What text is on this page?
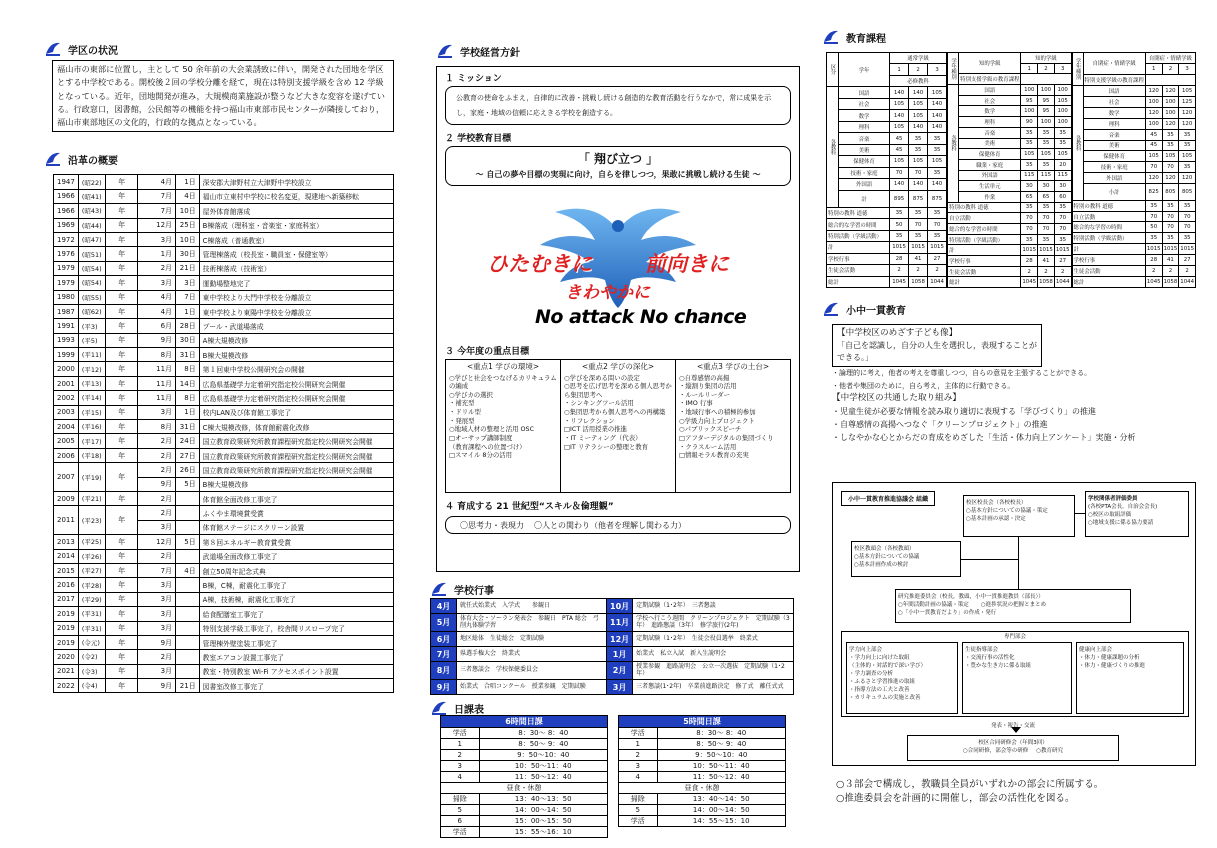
学区の状況
福山市の東部に位置し，主として 50 余年前の大会業誘致に伴い，開発された団地を学区とする中学校である。開校後２回の学校分離を経て，現在は特別支援学級を含め 12 学級となっている。近年，団地開発が進み，大規模商業施設が整うなど大きな変容を遂げている。行政窓口，図書館，公民館等の機能を持つ福山市東部市民センターが隣接しており，福山市東部地区の文化的，行政的な拠点となっている。
沿革の概要
1947	(昭22)	年	4月	1日	深安郡大津野村立大津野中学校設立
1966	(昭41)	年	7月	4日	福山市立東村中学校に校名変更，現建地へ新築移転
1966	(昭43)	年	7月	10日	屋外体育館落成
1969	(昭44)	年	12月	25日	B棟落成（理科室・音楽室・家庭科室）
1972	(昭47)	年	3月	10日	C棟落成（普通教室）
1976	(昭51)	年	1月	30日	管理棟落成（校長室・職員室・保健室等）
1979	(昭54)	年	2月	21日	技術棟落成（技術室）
1979	(昭54)	年	3月	3日	運動場整地完了
1980	(昭55)	年	4月	7日	東中学校より大門中学校を分離設立
1987	(昭62)	年	4月	1日	東中学校より東陽中学校を分離設立
1991	(平3)	年	6月	28日	プール・武道場落成
1993	(平5)	年	9月	30日	A棟大規模改修
1999	(平11)	年	8月	31日	B棟大規模改修
2000	(平12)	年	11月	8日	第１回東中学校公開研究会の開催
2001	(平13)	年	11月	14日	広島県基礎学力定着研究指定校公開研究会開催
2002	(平14)	年	11月	8日	広島県基礎学力定着研究指定校公開研究会開催
2003	(平15)	年	3月	1日	校内LAN及び体育館工事完了
2004	(平16)	年	8月	31日	C棟大規模改修，体育館耐震化改修
2005	(平17)	年	2月	24日	国立教育政策研究所教育課程研究指定校公開研究会開催
2006	(平18)	年	2月	27日	国立教育政策研究所教育課程研究指定校公開研究会開催
2007	(平19)	年	2月	26日	国立教育政策研究所教育課程研究指定校公開研究会開催
			9月	5日	B棟大規模改修
2009	(平21)	年	2月		体育館全面改修工事完了
2011	(平23)	年	2月		ふくやま環境賞受賞
			3月		体育館ステージにスクリーン設置
2013	(平25)	年	12月	5日	第８回エネルギー教育賞受賞
2014	(平26)	年	2月		武道場全面改修工事完了
2015	(平27)	年	7月	4日	創立50周年記念式典
2016	(平28)	年	3月		B棟，C棟，耐震化工事完了
2017	(平29)	年	3月		A棟，技術棟，耐震化工事完了
2019	(平31)	年	3月		給食配膳室工事完了
2019	(平31)	年	3月		特別支援学級工事完了，校舎間リスロープ完了
2019	(令元)	年	9月		管理棟外壁塗装工事完了
2020	(令2)	年	2月		教室エアコン設置工事完了
2021	(令3)	年	3月		教室・特別教室 Wi-Fi アクセスポイント設置
2022	(令4)	年	9月	21日	図書室改修工事完了
学校経営方針
１ ミッション
公教育の使命をふまえ，自律的に改善・挑戦し続ける創造的な教育活動を行うなかで，常に成果を示し，家庭・地域の信頼に応えきる学校を創造する。
２ 学校教育目標
「 翔び立つ 」
～ 自己の夢や目標の実現に向け，自らを律しつつ，果敢に挑戦し続ける生徒 ～
ひたむきに	前向きに
きわやかに
No attack No chance
３ 今年度の重点目標
<重点1 学びの環境>
○学びと社会をつなげるカリキュラムの編成
○学びカの選択
・補充型
・ドリル型
・発展型
○地域人材の整理と活用 OSC
□オーサップ講師制度
（教育課程への位置づけ）
□スマイル 8分の活用
<重点2 学びの深化>
○学びを深める問いの設定
○思考を広げ思考を深める個人思考から集団思考へ
・シンキングツール活用
○集団思考から個人思考への再構築
・リフレクション
□ICT 活用授業の推進
・IT ミーティング（代表）
□IT リテラシーの整理と教育
<重点3 学びの土台>
○自尊感情の高揚
・縦割り集団の活用
・ルールリーダー
・IMO 行事
・地域行事への積極的参加
○学級力向上プロジェクト
○パブリックスピーチ
□アフターデジタルの集団づくり
・クラスルーム活用
□情報モラル教育の充実
４ 育成する 21 世紀型“スキル＆倫理観”
〇思考力・表現力 〇人との関わり（他者を理解し関わる力）
学校行事
4月	就任式始業式　入学式　　参観日	10月	定期試験（1･2年）　三者懇談
5月	体育大会・ソーラン発表会　参観日　PTA 総会　弓削丸体験学習	11月	学校へ行こう週間　クリーンプロジェクト　定期試験（3年）　進路懇談（3年）　修学旅行(2年)
6月	地区総体　生徒総会　定期試験	12月	定期試験（1･2年）　生徒会役員選挙　終業式
7月	県選手権大会　終業式	1月	始業式　私立入試　新入生説明会
8月	三者懇談会　学校保健委員会	2月	授業参観　進路説明会　公立一次選抜　定期試験（1･2年）
9月	始業式　合唱コンクール　授業参観　定期試験	3月	三者懇談(1･2年)　卒業前進路決定　修了式　離任式式
日課表
6時間日課
学活	8：30～ 8：40
1	8：50～ 9：40
2	9：50～10：40
3	10：50～11：40
4	11：50～12：40
昼食・休憩	
掃除	13：40～13：50
5	14：00～14：50
6	15：00～15：50
学活	15：55～16：10
5時間日課
学活	8：30～ 8：40
1	8：50～ 9：40
2	9：50～10：40
3	10：50～11：40
4	11：50～12：40
昼食・休憩	
掃除	13：40～14：50
5	14：00～14：50
学活	14：55～15：10
教育課程
区分	学年	通常学級		
		1	2	3
		必修教科		
各教科	国語	140	140	105
	社会	105	105	140
	数学	140	105	140
	理科	105	140	140
	音楽	45	35	35
	美術	45	35	35
	保健体育	105	105	105
	技術・家庭	70	70	35
	外国語	140	140	140
	計	895	875	875
特別の教科 道徳		35	35	35
総合的な学習の時間		50	70	70
特別活動（学級活動）		35	35	35
計		1015	1015	1015
学校行事		28	41	27
生徒会活動		2	2	2
総計		1045	1058	1044
学年種別	知的学級	知的学級		
		1	2	3
	特別支援学級の教育課程			
各教科	国語	100	100	100
	社会	95	95	105
	数学	100	95	100
	理科	90	100	100
	音楽	35	35	35
	美術	35	35	35
	保健体育	105	105	105
	職業・家庭	35	35	20
	外国語	115	115	115
	生活単元	30	30	30
	作業	65	65	60
特別の教科 道徳		35	35	35
自立活動		70	70	70
総合的な学習の時間		70	70	70
特別活動（学級活動）		35	35	35
計		1015	1015	1015
学校行事		28	41	27
生徒会活動		2	2	2
総計		1045	1058	1044
学年種別	自閉症・情緒学級	自閉症・情緒学級		
		1	2	3
	特別支援学級の教育課程			
各教科	国語	120	120	105
	社会	100	100	125
	数学	120	100	120
	理科	100	120	120
	音楽	45	35	35
	美術	45	35	35
	保健体育	105	105	105
	技術・家庭	70	70	35
	外国語	120	120	120
	小計	825	805	805
特別の教科 道徳		35	35	35
自立活動		70	70	70
総合的な学習の時間		50	70	70
特別活動（学級活動）		35	35	35
計		1015	1015	1015
学校行事		28	41	27
生徒会活動		2	2	2
総計		1045	1058	1044
小中一貫教育
【中学校区のめざす子ども像】
「自己を認識し，自分の人生を選択し，表現することができる。」
・論理的に考え，他者の考えを尊重しつつ，自らの意見を主張することができる。
・他者や集団のために，自ら考え，主体的に行動できる。
【中学校区の共通した取り組み】
・児童生徒が必要な情報を読み取り適切に表現する「学びづくり」の推進
・自尊感情の高揚へつなぐ「クリーンプロジェクト」の推進
・しなやかな心とからだの育成をめざした「生活・体力向上アンケート」実施・分析
小中一貫教育推進協議会 組織	校区校長会（各校校長）
○基本方針についての協議・策定
○基本計画の承認・決定
学校関係者評価委員
(各校PTA会長，自治会会長)
○校区の取組評価
○地域支援に係る協力要請
校区教頭会（各校教頭）
○基本方針についての協議
○基本計画作成の検討
研究推進委員会（校長，教頭，小中一貫推進教員（部長））
○年間活動計画の協議・策定 ○進捗状況の把握とまとめ
○「小中一貫教育だより」の作成・発行
専門部会
学力向上部会
・学力向上に向けた取組
（主体的・対話的で深い学び）
・学力調査の分析
・ふるさと学習推進の取組
・指導方法の工夫と改善
・カリキュラムの実施と改善
生徒指導部会
・交流行事の活性化
・豊かな生き方に係る取組
健康向上部会
・体力・健康課題の分析
・体力・健康づくりの推進
発表・報告・交流
校区合同研修会（年間3回）
○合同研修，部会等の研修 ○教育研究
○３部会で構成し，教職員全員がいずれかの部会に所属する。
○推進委員会を計画的に開催し，部会の活性化を図る。
